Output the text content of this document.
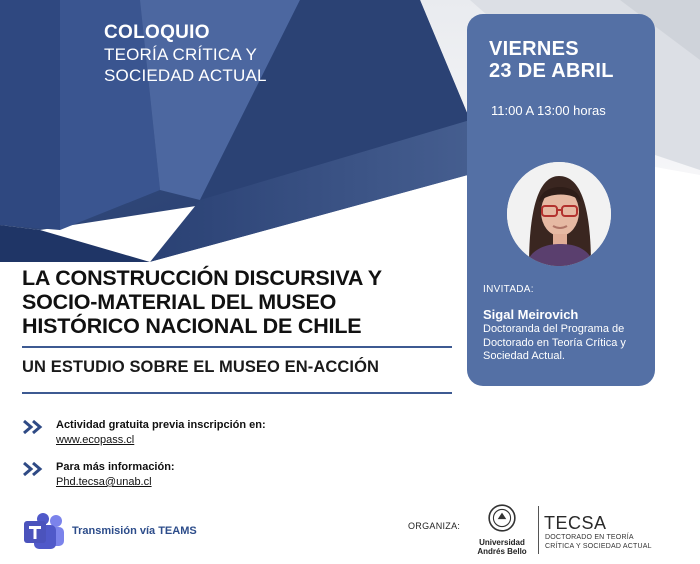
COLOQUIO
TEORÍA CRÍTICA Y
SOCIEDAD ACTUAL
VIERNES
23 DE ABRIL
11:00 A 13:00 horas
INVITADA:
Sigal Meirovich
Doctoranda del Programa de Doctorado en Teoría Crítica y Sociedad Actual.
LA CONSTRUCCIÓN DISCURSIVA Y
SOCIO-MATERIAL DEL MUSEO
HISTÓRICO NACIONAL DE CHILE
UN ESTUDIO SOBRE EL MUSEO EN-ACCIÓN
Actividad gratuita previa inscripción en:
www.ecopass.cl
Para más información:
Phd.tecsa@unab.cl
Transmisión vía TEAMS	ORGANIZA:
Universidad
Andrés Bello
TECSA
DOCTORADO EN TEORÍA
CRÍTICA Y SOCIEDAD ACTUAL
